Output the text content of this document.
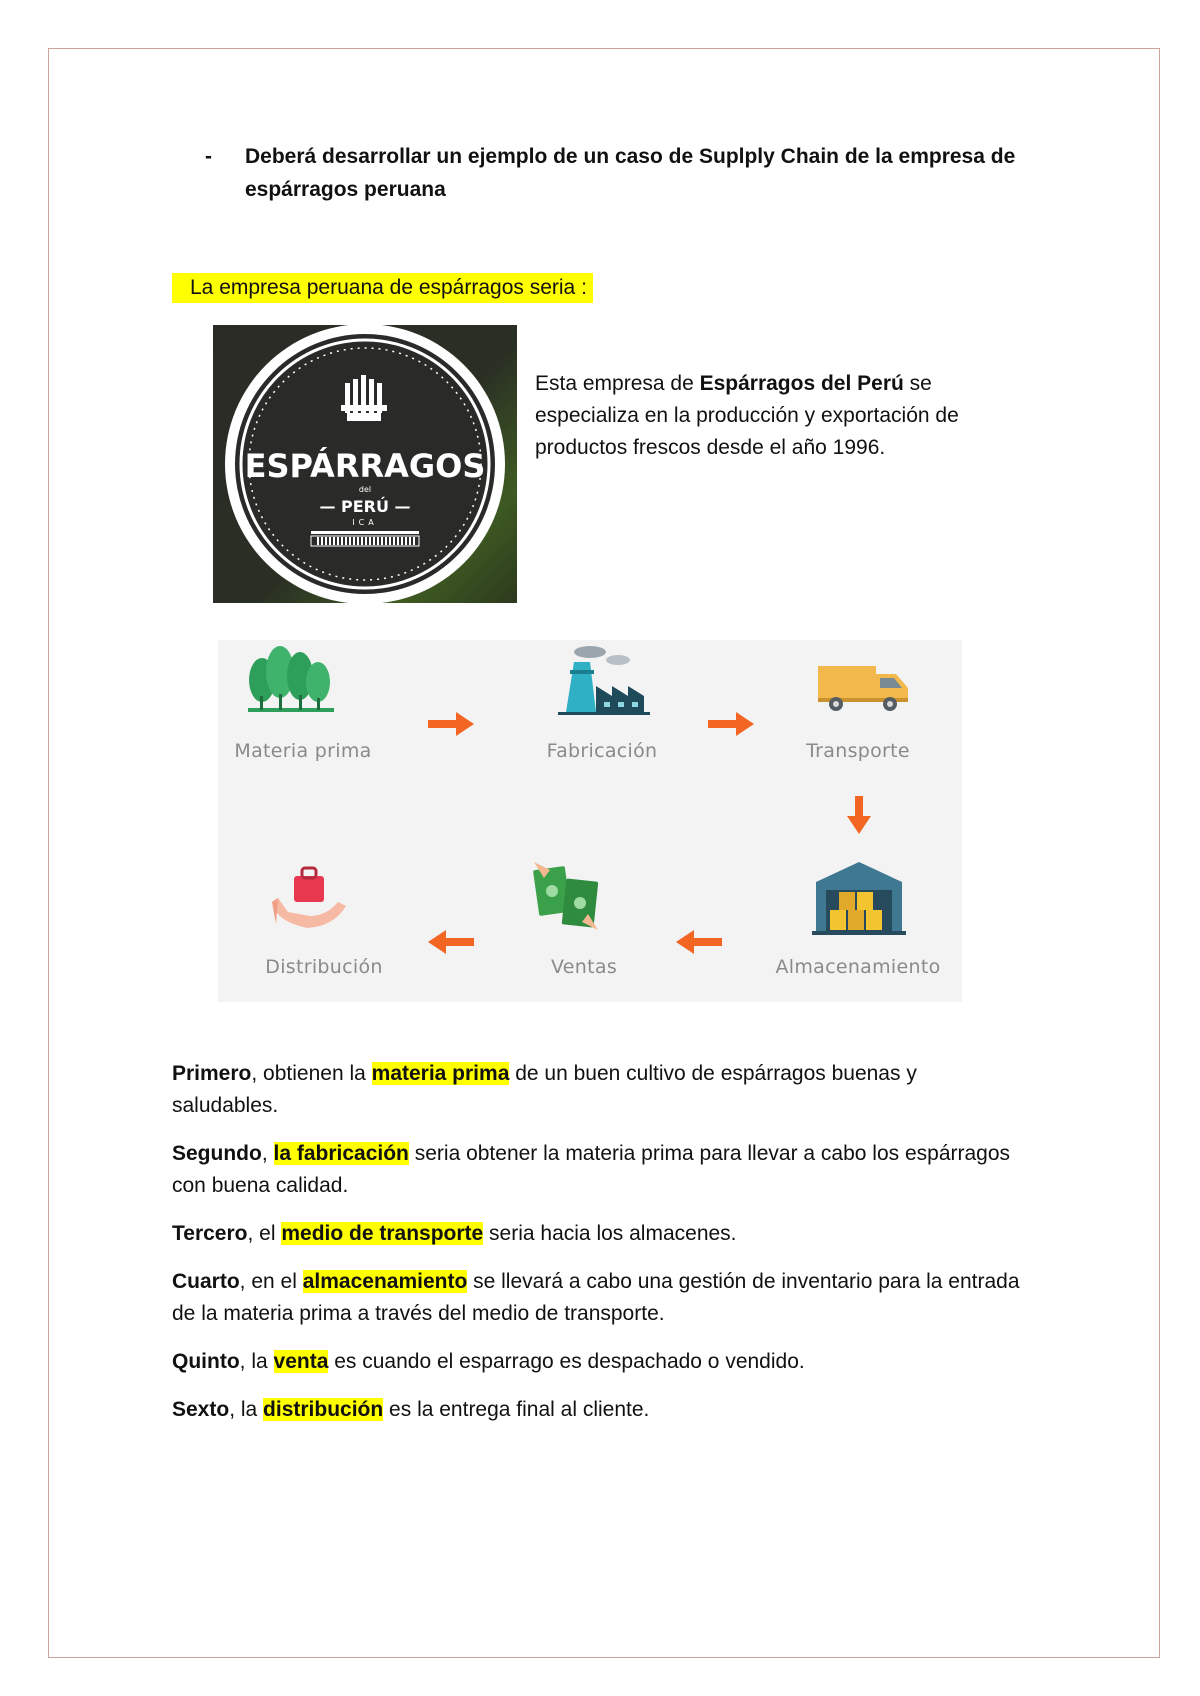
- Deberá desarrollar un ejemplo de un caso de Suplply Chain de la empresa de espárragos peruana
La empresa peruana de espárragos seria :
ESPÁRRAGOS
del
— PERÚ —
ICA
Esta empresa de Espárragos del Perú se especializa en la producción y exportación de productos frescos desde el año 1996.
Materia prima	Fabricación	Transporte
Almacenamiento
Ventas
Distribución

Primero, obtienen la materia prima de un buen cultivo de espárragos buenas y saludables.

Segundo, la fabricación seria obtener la materia prima para llevar a cabo los espárragos con buena calidad.

Tercero, el medio de transporte seria hacia los almacenes.

Cuarto, en el almacenamiento se llevará a cabo una gestión de inventario para la entrada de la materia prima a través del medio de transporte.

Quinto, la venta es cuando el esparrago es despachado o vendido.

Sexto, la distribución es la entrega final al cliente.
